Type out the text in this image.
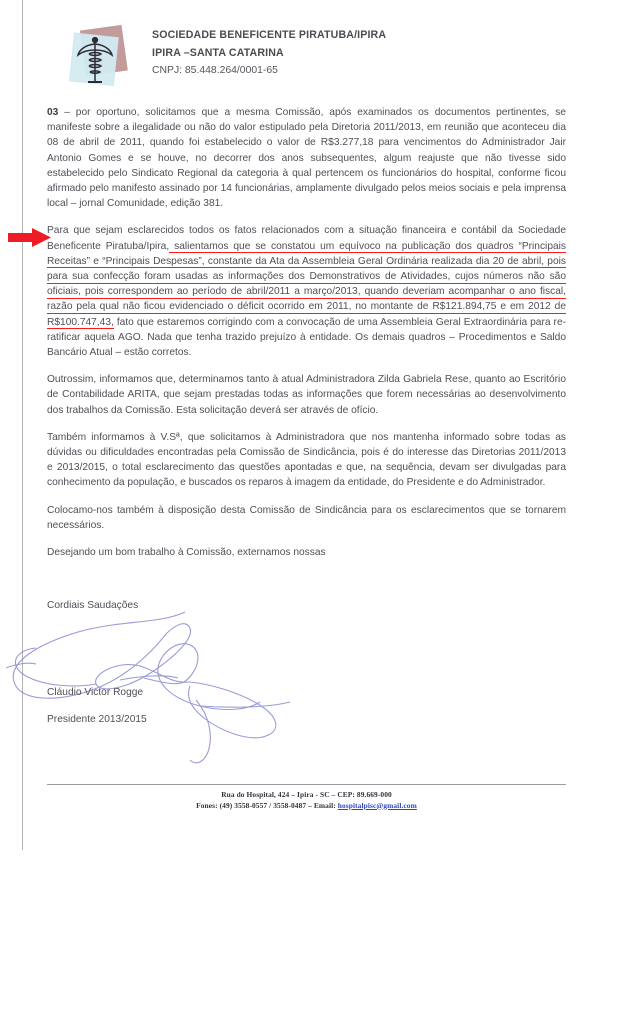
SOCIEDADE BENEFICENTE PIRATUBA/IPIRA
IPIRA –SANTA CATARINA
CNPJ: 85.448.264/0001-65

03 – por oportuno, solicitamos que a mesma Comissão, após examinados os documentos pertinentes, se manifeste sobre a ilegalidade ou não do valor estipulado pela Diretoria 2011/2013, em reunião que aconteceu dia 08 de abril de 2011, quando foi estabelecido o valor de R$3.277,18 para vencimentos do Administrador Jair Antonio Gomes e se houve, no decorrer dos anos subsequentes, algum reajuste que não tivesse sido estabelecido pelo Sindicato Regional da categoria à qual pertencem os funcionários do hospital, conforme ficou afirmado pelo manifesto assinado por 14 funcionárias, amplamente divulgado pelos meios sociais e pela imprensa local – jornal Comunidade, edição 381.

Para que sejam esclarecidos todos os fatos relacionados com a situação financeira e contábil da Sociedade Beneficente Piratuba/Ipira, salientamos que se constatou um equívoco na publicação dos quadros “Principais Receitas” e “Principais Despesas”, constante da Ata da Assembleia Geral Ordinária realizada dia 20 de abril, pois para sua confecção foram usadas as informações dos Demonstrativos de Atividades, cujos números não são oficiais, pois correspondem ao período de abril/2011 a março/2013, quando deveriam acompanhar o ano fiscal, razão pela qual não ficou evidenciado o déficit ocorrido em 2011, no montante de R$121.894,75 e em 2012 de R$100.747,43, fato que estaremos corrigindo com a convocação de uma Assembleia Geral Extraordinária para re-ratificar aquela AGO. Nada que tenha trazido prejuízo à entidade. Os demais quadros – Procedimentos e Saldo Bancário Atual – estão corretos.

Outrossim, informamos que, determinamos tanto à atual Administradora Zilda Gabriela Rese, quanto ao Escritório de Contabilidade ARITA, que sejam prestadas todas as informações que forem necessárias ao desenvolvimento dos trabalhos da Comissão. Esta solicitação deverá ser através de ofício.

Também informamos à V.Sª, que solicitamos à Administradora que nos mantenha informado sobre todas as dúvidas ou dificuldades encontradas pela Comissão de Sindicância, pois é do interesse das Diretorias 2011/2013 e 2013/2015, o total esclarecimento das questões apontadas e que, na sequência, devam ser divulgadas para conhecimento da população, e buscados os reparos à imagem da entidade, do Presidente e do Administrador.

Colocamo-nos também à disposição desta Comissão de Sindicância para os esclarecimentos que se tornarem necessários.

Desejando um bom trabalho à Comissão, externamos nossas

Cordiais Saudações
Cláudio Victor Rogge
Presidente 2013/2015
Rua do Hospital, 424 – Ipira - SC – CEP: 89.669-000
Fones: (49) 3558-0557 / 3558-0487 – Email: hospitalpisc@gmail.com
